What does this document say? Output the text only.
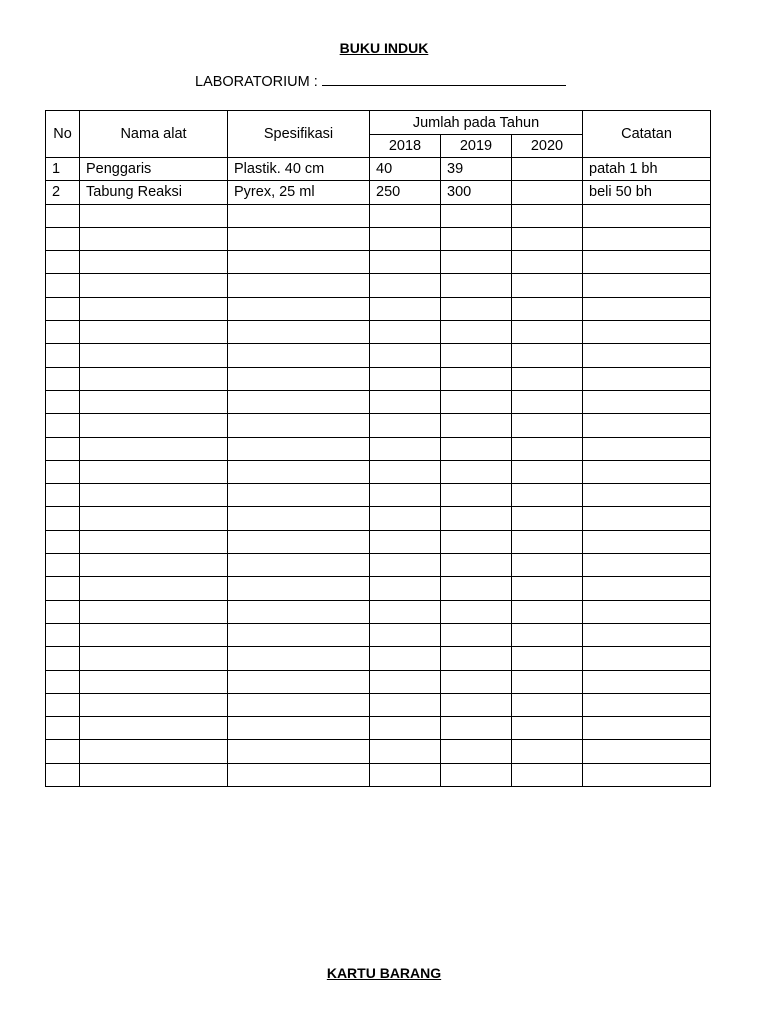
BUKU INDUK
LABORATORIUM :
No	Nama alat	Spesifikasi	Jumlah pada Tahun			Catatan
			2018	2019	2020	
1	Penggaris	Plastik. 40 cm	40	39		patah 1 bh
2	Tabung Reaksi	Pyrex, 25 ml	250	300		beli 50 bh

KARTU BARANG
